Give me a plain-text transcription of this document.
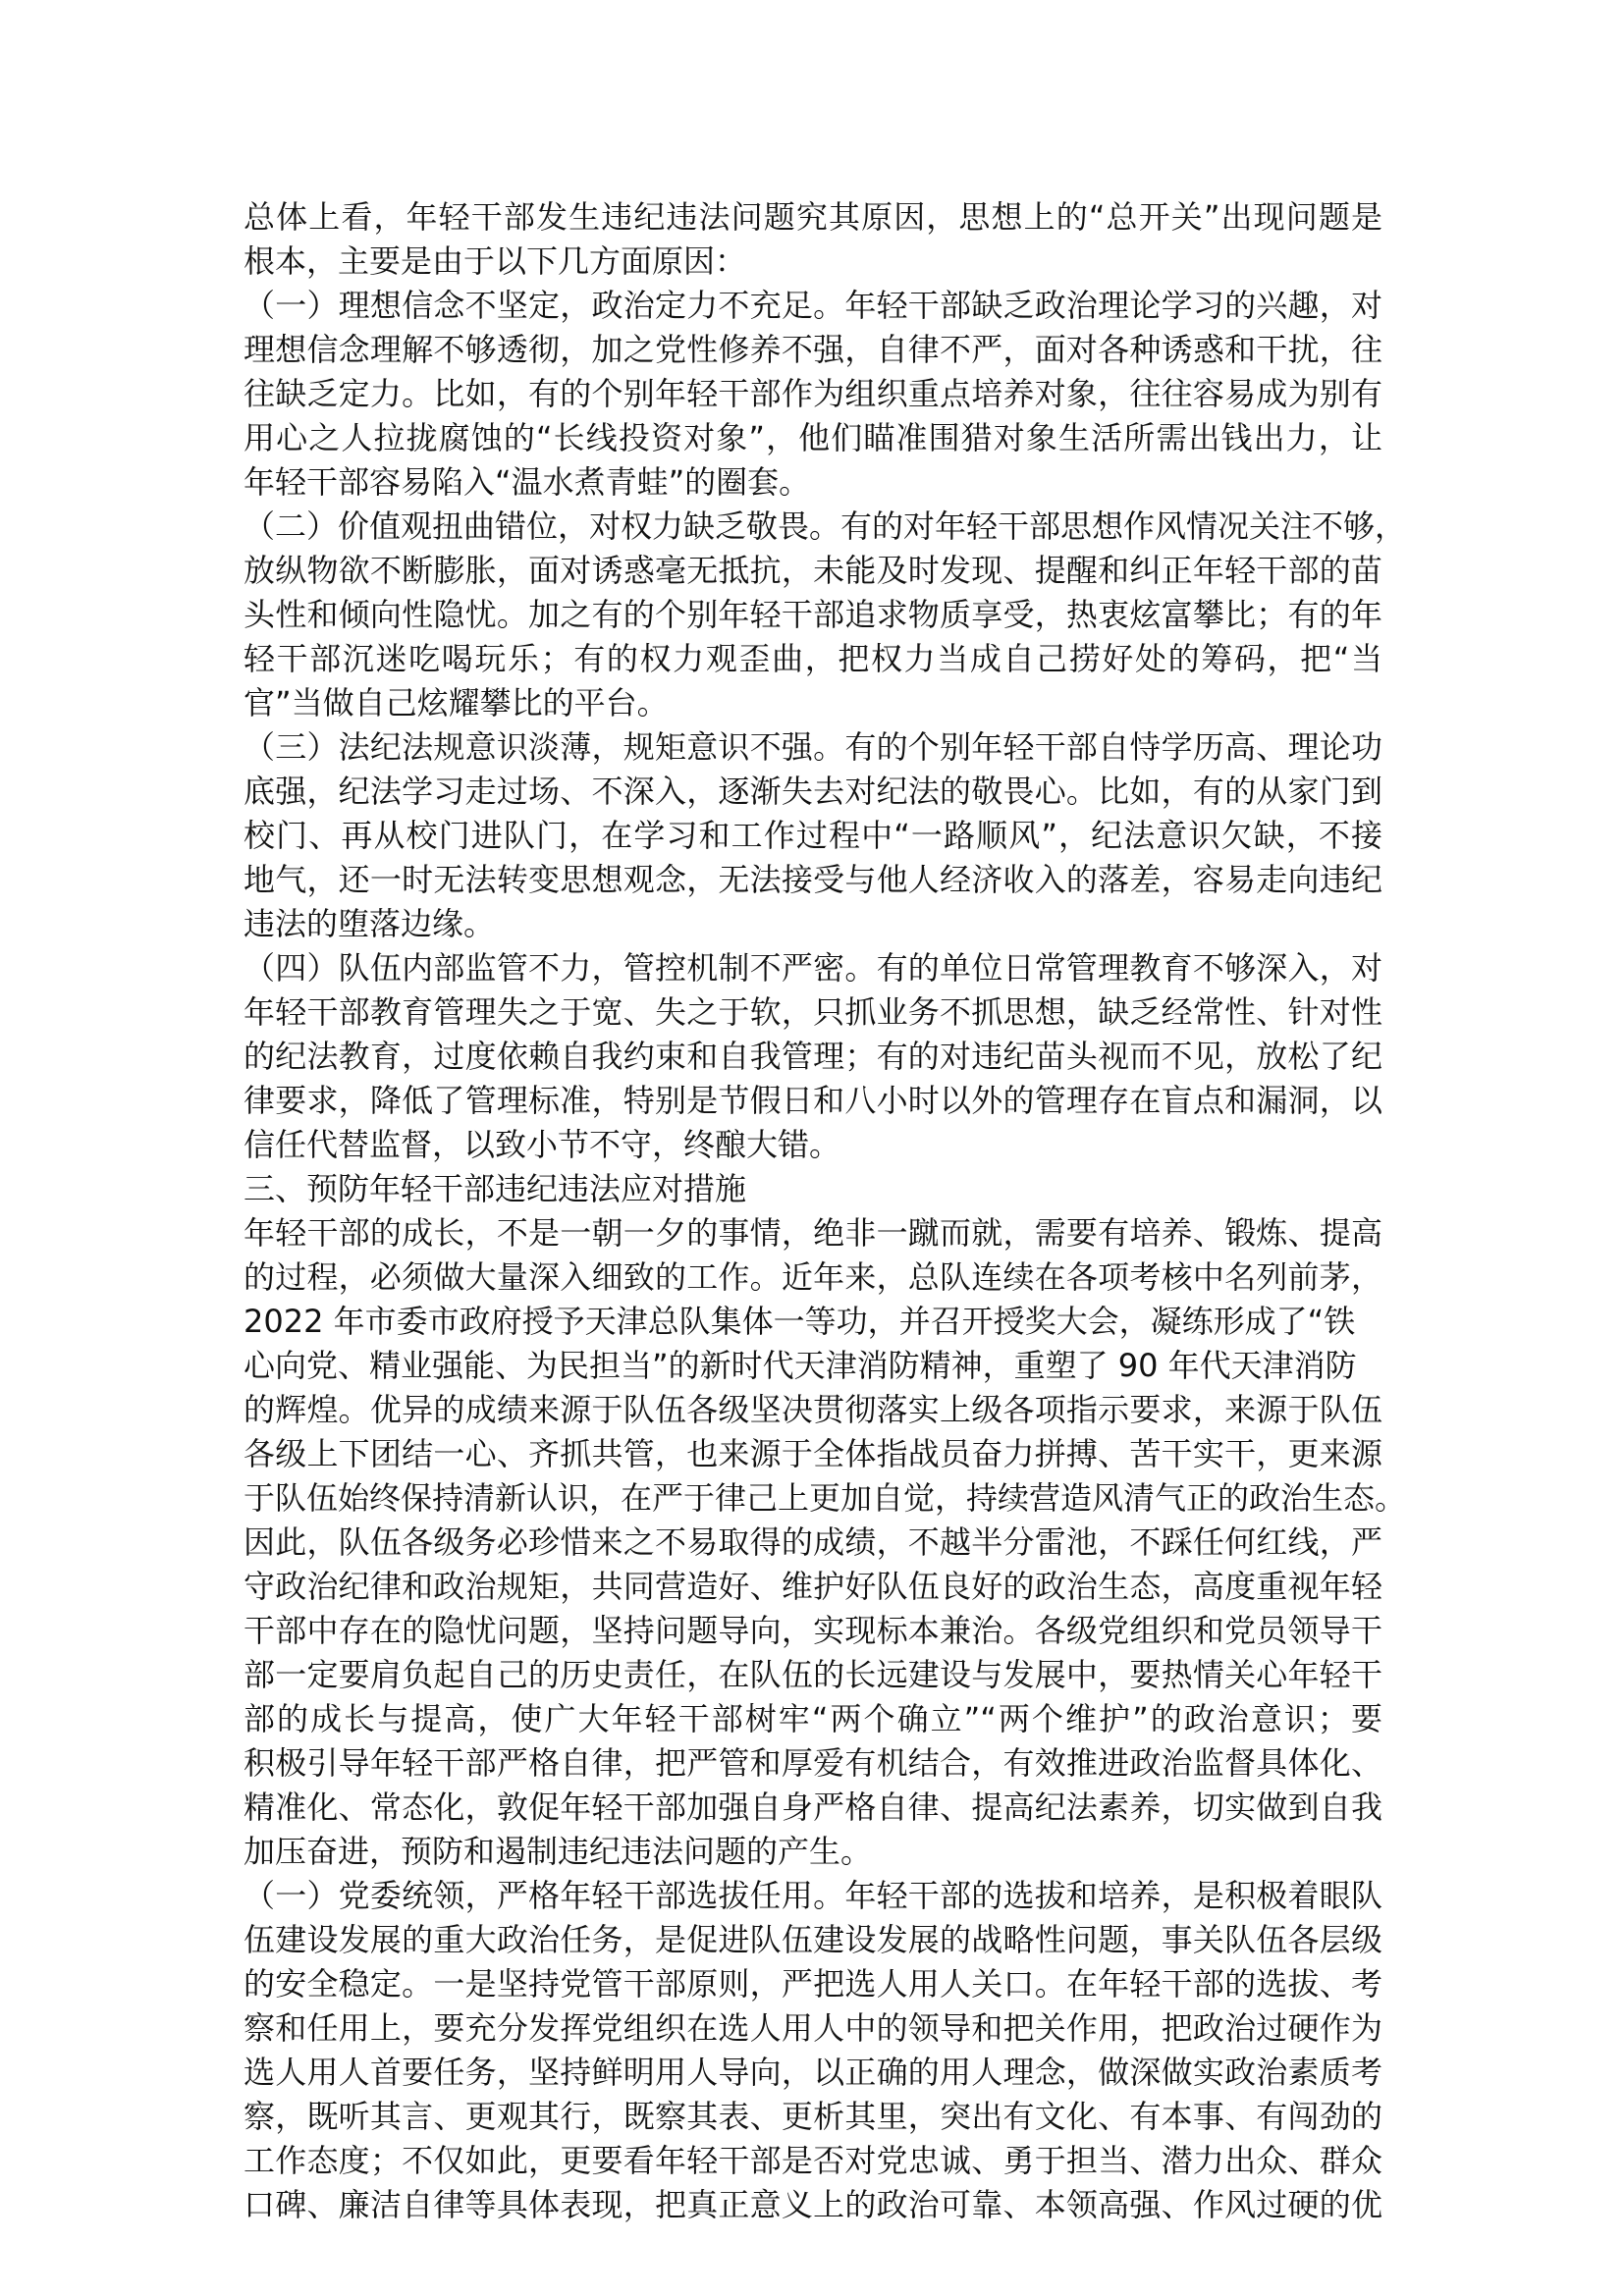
总体上看，年轻干部发生违纪违法问题究其原因，思想上的“总开关”出现问题是
根本，主要是由于以下几方面原因：
（一）理想信念不坚定，政治定力不充足。年轻干部缺乏政治理论学习的兴趣，对
理想信念理解不够透彻，加之党性修养不强，自律不严，面对各种诱惑和干扰，往
往缺乏定力。比如，有的个别年轻干部作为组织重点培养对象，往往容易成为别有
用心之人拉拢腐蚀的“长线投资对象”，他们瞄准围猎对象生活所需出钱出力，让
年轻干部容易陷入“温水煮青蛙”的圈套。
（二）价值观扭曲错位，对权力缺乏敬畏。有的对年轻干部思想作风情况关注不够，
放纵物欲不断膨胀，面对诱惑毫无抵抗，未能及时发现、提醒和纠正年轻干部的苗
头性和倾向性隐忧。加之有的个别年轻干部追求物质享受，热衷炫富攀比；有的年
轻干部沉迷吃喝玩乐；有的权力观歪曲，把权力当成自己捞好处的筹码，把“当
官”当做自己炫耀攀比的平台。
（三）法纪法规意识淡薄，规矩意识不强。有的个别年轻干部自恃学历高、理论功
底强，纪法学习走过场、不深入，逐渐失去对纪法的敬畏心。比如，有的从家门到
校门、再从校门进队门，在学习和工作过程中“一路顺风”，纪法意识欠缺，不接
地气，还一时无法转变思想观念，无法接受与他人经济收入的落差，容易走向违纪
违法的堕落边缘。
（四）队伍内部监管不力，管控机制不严密。有的单位日常管理教育不够深入，对
年轻干部教育管理失之于宽、失之于软，只抓业务不抓思想，缺乏经常性、针对性
的纪法教育，过度依赖自我约束和自我管理；有的对违纪苗头视而不见，放松了纪
律要求，降低了管理标准，特别是节假日和八小时以外的管理存在盲点和漏洞，以
信任代替监督，以致小节不守，终酿大错。
三、预防年轻干部违纪违法应对措施
年轻干部的成长，不是一朝一夕的事情，绝非一蹴而就，需要有培养、锻炼、提高
的过程，必须做大量深入细致的工作。近年来，总队连续在各项考核中名列前茅，
2022 年市委市政府授予天津总队集体一等功，并召开授奖大会，凝练形成了“铁
心向党、精业强能、为民担当”的新时代天津消防精神，重塑了 90 年代天津消防
的辉煌。优异的成绩来源于队伍各级坚决贯彻落实上级各项指示要求，来源于队伍
各级上下团结一心、齐抓共管，也来源于全体指战员奋力拼搏、苦干实干，更来源
于队伍始终保持清新认识，在严于律己上更加自觉，持续营造风清气正的政治生态。
因此，队伍各级务必珍惜来之不易取得的成绩，不越半分雷池，不踩任何红线，严
守政治纪律和政治规矩，共同营造好、维护好队伍良好的政治生态，高度重视年轻
干部中存在的隐忧问题，坚持问题导向，实现标本兼治。各级党组织和党员领导干
部一定要肩负起自己的历史责任，在队伍的长远建设与发展中，要热情关心年轻干
部的成长与提高，使广大年轻干部树牢“两个确立”“两个维护”的政治意识；要
积极引导年轻干部严格自律，把严管和厚爱有机结合，有效推进政治监督具体化、
精准化、常态化，敦促年轻干部加强自身严格自律、提高纪法素养，切实做到自我
加压奋进，预防和遏制违纪违法问题的产生。
（一）党委统领，严格年轻干部选拔任用。年轻干部的选拔和培养，是积极着眼队
伍建设发展的重大政治任务，是促进队伍建设发展的战略性问题，事关队伍各层级
的安全稳定。一是坚持党管干部原则，严把选人用人关口。在年轻干部的选拔、考
察和任用上，要充分发挥党组织在选人用人中的领导和把关作用，把政治过硬作为
选人用人首要任务，坚持鲜明用人导向，以正确的用人理念，做深做实政治素质考
察，既听其言、更观其行，既察其表、更析其里，突出有文化、有本事、有闯劲的
工作态度；不仅如此，更要看年轻干部是否对党忠诚、勇于担当、潜力出众、群众
口碑、廉洁自律等具体表现，把真正意义上的政治可靠、本领高强、作风过硬的优
